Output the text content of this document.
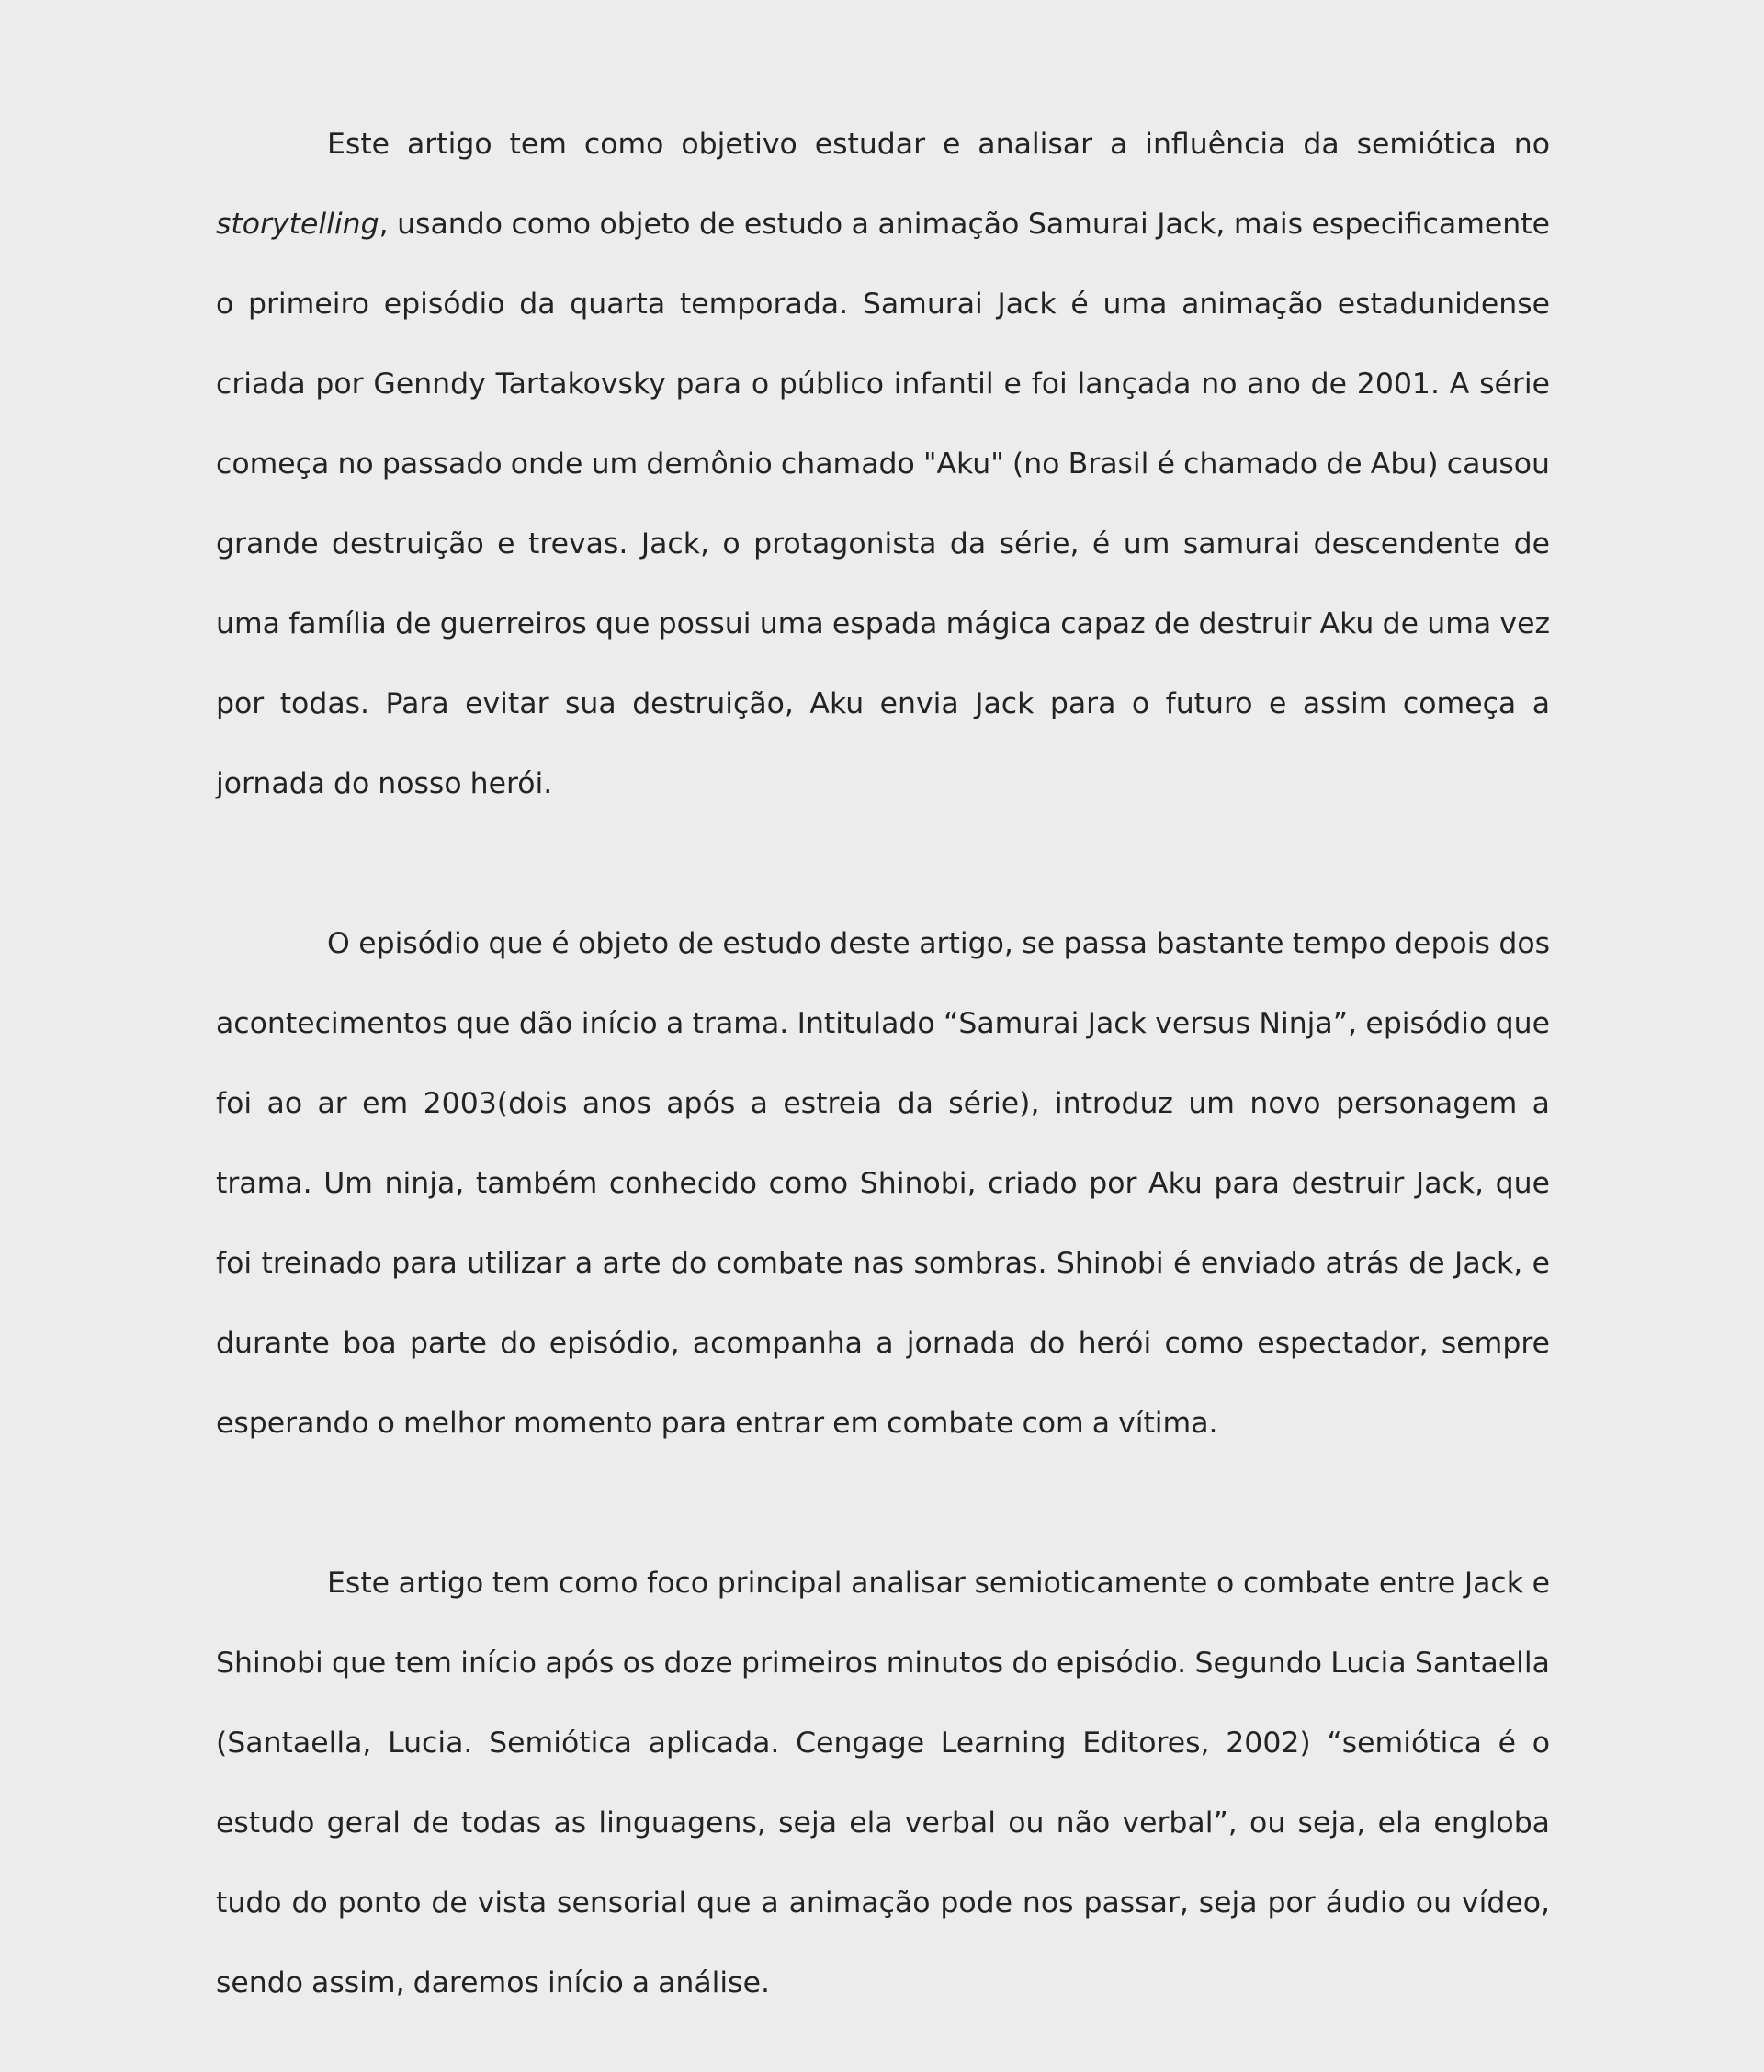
Este artigo tem como objetivo estudar e analisar a influência da semiótica no storytelling, usando como objeto de estudo a animação Samurai Jack, mais especificamente o primeiro episódio da quarta temporada. Samurai Jack é uma animação estadunidense criada por Genndy Tartakovsky para o público infantil e foi lançada no ano de 2001. A série começa no passado onde um demônio chamado "Aku" (no Brasil é chamado de Abu) causou grande destruição e trevas. Jack, o protagonista da série, é um samurai descendente de uma família de guerreiros que possui uma espada mágica capaz de destruir Aku de uma vez por todas. Para evitar sua destruição, Aku envia Jack para o futuro e assim começa a jornada do nosso herói.

O episódio que é objeto de estudo deste artigo, se passa bastante tempo depois dos acontecimentos que dão início a trama. Intitulado “Samurai Jack versus Ninja”, episódio que foi ao ar em 2003(dois anos após a estreia da série), introduz um novo personagem a trama. Um ninja, também conhecido como Shinobi, criado por Aku para destruir Jack, que foi treinado para utilizar a arte do combate nas sombras. Shinobi é enviado atrás de Jack, e durante boa parte do episódio, acompanha a jornada do herói como espectador, sempre esperando o melhor momento para entrar em combate com a vítima.

Este artigo tem como foco principal analisar semioticamente o combate entre Jack e Shinobi que tem início após os doze primeiros minutos do episódio. Segundo Lucia Santaella (Santaella, Lucia. Semiótica aplicada. Cengage Learning Editores, 2002) “semiótica é o estudo geral de todas as linguagens, seja ela verbal ou não verbal”, ou seja, ela engloba tudo do ponto de vista sensorial que a animação pode nos passar, seja por áudio ou vídeo, sendo assim, daremos início a análise.
